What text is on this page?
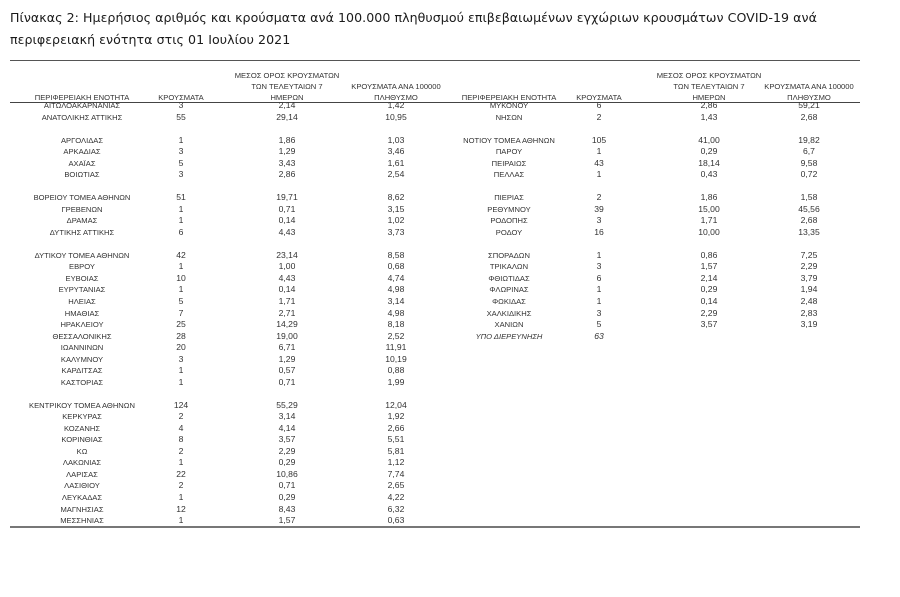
Πίνακας 2: Ημερήσιος αριθμός και κρούσματα ανά 100.000 πληθυσμού επιβεβαιωμένων εγχώριων κρουσμάτων COVID-19 ανά περιφερειακή ενότητα στις 01 Ιουλίου 2021
ΠΕΡΙΦΕΡΕΙΑΚΗ ΕΝΟΤΗΤΑ	ΚΡΟΥΣΜΑΤΑ
ΜΕΣΟΣ ΟΡΟΣ ΚΡΟΥΣΜΑΤΩΝ
ΤΩΝ ΤΕΛΕΥΤΑΙΩΝ 7
ΗΜΕΡΩΝ
ΚΡΟΥΣΜΑΤΑ ΑΝΑ 100000
ΠΛΗΘΥΣΜΟ	ΠΕΡΙΦΕΡΕΙΑΚΗ ΕΝΟΤΗΤΑ	ΚΡΟΥΣΜΑΤΑ
ΜΕΣΟΣ ΟΡΟΣ ΚΡΟΥΣΜΑΤΩΝ
ΤΩΝ ΤΕΛΕΥΤΑΙΩΝ 7
ΗΜΕΡΩΝ
ΚΡΟΥΣΜΑΤΑ ΑΝΑ 100000
ΠΛΗΘΥΣΜΟ
ΑΙΤΩΛΟΑΚΑΡΝΑΝΙΑΣ	3	2,14	1,42
ΑΝΑΤΟΛΙΚΗΣ ΑΤΤΙΚΗΣ	55	29,14	10,95
ΑΡΓΟΛΙΔΑΣ	1	1,86	1,03
ΑΡΚΑΔΙΑΣ	3	1,29	3,46
ΑΧΑΪΑΣ	5	3,43	1,61
ΒΟΙΩΤΙΑΣ	3	2,86	2,54
ΒΟΡΕΙΟΥ ΤΟΜΕΑ ΑΘΗΝΩΝ	51	19,71	8,62
ΓΡΕΒΕΝΩΝ	1	0,71	3,15
ΔΡΑΜΑΣ	1	0,14	1,02
ΔΥΤΙΚΗΣ ΑΤΤΙΚΗΣ	6	4,43	3,73
ΔΥΤΙΚΟΥ ΤΟΜΕΑ ΑΘΗΝΩΝ	42	23,14	8,58
ΕΒΡΟΥ	1	1,00	0,68
ΕΥΒΟΙΑΣ	10	4,43	4,74
ΕΥΡΥΤΑΝΙΑΣ	1	0,14	4,98
ΗΛΕΙΑΣ	5	1,71	3,14
ΗΜΑΘΙΑΣ	7	2,71	4,98
ΗΡΑΚΛΕΙΟΥ	25	14,29	8,18
ΘΕΣΣΑΛΟΝΙΚΗΣ	28	19,00	2,52
ΙΩΑΝΝΙΝΩΝ	20	6,71	11,91
ΚΑΛΥΜΝΟΥ	3	1,29	10,19
ΚΑΡΔΙΤΣΑΣ	1	0,57	0,88
ΚΑΣΤΟΡΙΑΣ	1	0,71	1,99
ΚΕΝΤΡΙΚΟΥ ΤΟΜΕΑ ΑΘΗΝΩΝ	124	55,29	12,04
ΚΕΡΚΥΡΑΣ	2	3,14	1,92
ΚΟΖΑΝΗΣ	4	4,14	2,66
ΚΟΡΙΝΘΙΑΣ	8	3,57	5,51
ΚΩ	2	2,29	5,81
ΛΑΚΩΝΙΑΣ	1	0,29	1,12
ΛΑΡΙΣΑΣ	22	10,86	7,74
ΛΑΣΙΘΙΟΥ	2	0,71	2,65
ΛΕΥΚΑΔΑΣ	1	0,29	4,22
ΜΑΓΝΗΣΙΑΣ	12	8,43	6,32
ΜΕΣΣΗΝΙΑΣ	1	1,57	0,63
ΜΥΚΟΝΟΥ	6	2,86	59,21
ΝΗΣΩΝ	2	1,43	2,68
ΝΟΤΙΟΥ ΤΟΜΕΑ ΑΘΗΝΩΝ	105	41,00	19,82
ΠΑΡΟΥ	1	0,29	6,7
ΠΕΙΡΑΙΩΣ	43	18,14	9,58
ΠΕΛΛΑΣ	1	0,43	0,72
ΠΙΕΡΙΑΣ	2	1,86	1,58
ΡΕΘΥΜΝΟΥ	39	15,00	45,56
ΡΟΔΟΠΗΣ	3	1,71	2,68
ΡΟΔΟΥ	16	10,00	13,35
ΣΠΟΡΑΔΩΝ	1	0,86	7,25
ΤΡΙΚΑΛΩΝ	3	1,57	2,29
ΦΘΙΩΤΙΔΑΣ	6	2,14	3,79
ΦΛΩΡΙΝΑΣ	1	0,29	1,94
ΦΩΚΙΔΑΣ	1	0,14	2,48
ΧΑΛΚΙΔΙΚΗΣ	3	2,29	2,83
ΧΑΝΙΩΝ	5	3,57	3,19
ΥΠΟ ΔΙΕΡΕΥΝΗΣΗ	63
